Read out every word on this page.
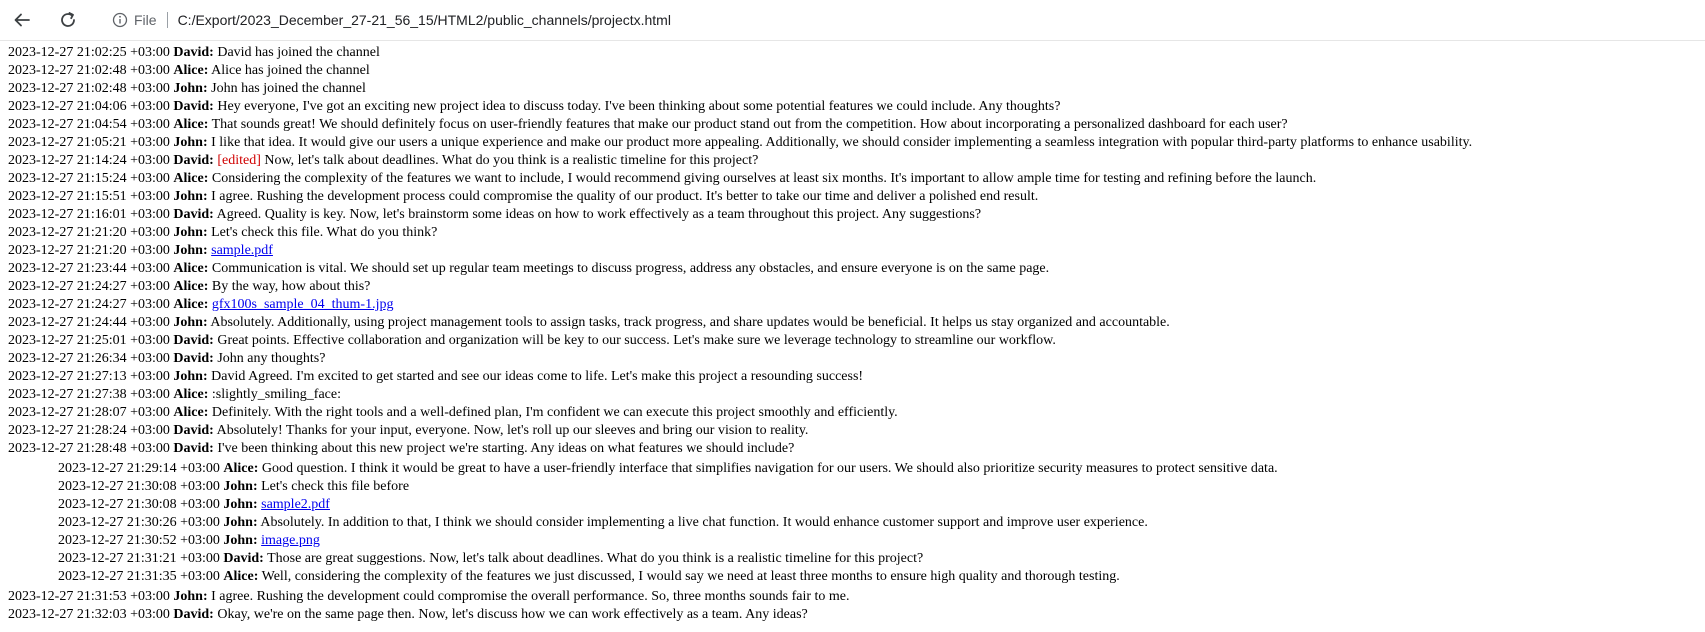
File C:/Export/2023_December_27-21_56_15/HTML2/public_channels/projectx.html
2023-12-27 21:02:25 +03:00 David: David has joined the channel
2023-12-27 21:02:48 +03:00 Alice: Alice has joined the channel
2023-12-27 21:02:48 +03:00 John: John has joined the channel
2023-12-27 21:04:06 +03:00 David: Hey everyone, I've got an exciting new project idea to discuss today. I've been thinking about some potential features we could include. Any thoughts?
2023-12-27 21:04:54 +03:00 Alice: That sounds great! We should definitely focus on user-friendly features that make our product stand out from the competition. How about incorporating a personalized dashboard for each user?
2023-12-27 21:05:21 +03:00 John: I like that idea. It would give our users a unique experience and make our product more appealing. Additionally, we should consider implementing a seamless integration with popular third-party platforms to enhance usability.
2023-12-27 21:14:24 +03:00 David: [edited] Now, let's talk about deadlines. What do you think is a realistic timeline for this project?
2023-12-27 21:15:24 +03:00 Alice: Considering the complexity of the features we want to include, I would recommend giving ourselves at least six months. It's important to allow ample time for testing and refining before the launch.
2023-12-27 21:15:51 +03:00 John: I agree. Rushing the development process could compromise the quality of our product. It's better to take our time and deliver a polished end result.
2023-12-27 21:16:01 +03:00 David: Agreed. Quality is key. Now, let's brainstorm some ideas on how to work effectively as a team throughout this project. Any suggestions?
2023-12-27 21:21:20 +03:00 John: Let's check this file. What do you think?
2023-12-27 21:21:20 +03:00 John: sample.pdf
2023-12-27 21:23:44 +03:00 Alice: Communication is vital. We should set up regular team meetings to discuss progress, address any obstacles, and ensure everyone is on the same page.
2023-12-27 21:24:27 +03:00 Alice: By the way, how about this?
2023-12-27 21:24:27 +03:00 Alice: gfx100s_sample_04_thum-1.jpg
2023-12-27 21:24:44 +03:00 John: Absolutely. Additionally, using project management tools to assign tasks, track progress, and share updates would be beneficial. It helps us stay organized and accountable.
2023-12-27 21:25:01 +03:00 David: Great points. Effective collaboration and organization will be key to our success. Let's make sure we leverage technology to streamline our workflow.
2023-12-27 21:26:34 +03:00 David: John any thoughts?
2023-12-27 21:27:13 +03:00 John: David Agreed. I'm excited to get started and see our ideas come to life. Let's make this project a resounding success!
2023-12-27 21:27:38 +03:00 Alice: :slightly_smiling_face:
2023-12-27 21:28:07 +03:00 Alice: Definitely. With the right tools and a well-defined plan, I'm confident we can execute this project smoothly and efficiently.
2023-12-27 21:28:24 +03:00 David: Absolutely! Thanks for your input, everyone. Now, let's roll up our sleeves and bring our vision to reality.
2023-12-27 21:28:48 +03:00 David: I've been thinking about this new project we're starting. Any ideas on what features we should include?
2023-12-27 21:29:14 +03:00 Alice: Good question. I think it would be great to have a user-friendly interface that simplifies navigation for our users. We should also prioritize security measures to protect sensitive data.
2023-12-27 21:30:08 +03:00 John: Let's check this file before
2023-12-27 21:30:08 +03:00 John: sample2.pdf
2023-12-27 21:30:26 +03:00 John: Absolutely. In addition to that, I think we should consider implementing a live chat function. It would enhance customer support and improve user experience.
2023-12-27 21:30:52 +03:00 John: image.png
2023-12-27 21:31:21 +03:00 David: Those are great suggestions. Now, let's talk about deadlines. What do you think is a realistic timeline for this project?
2023-12-27 21:31:35 +03:00 Alice: Well, considering the complexity of the features we just discussed, I would say we need at least three months to ensure high quality and thorough testing.
2023-12-27 21:31:53 +03:00 John: I agree. Rushing the development could compromise the overall performance. So, three months sounds fair to me.
2023-12-27 21:32:03 +03:00 David: Okay, we're on the same page then. Now, let's discuss how we can work effectively as a team. Any ideas?
